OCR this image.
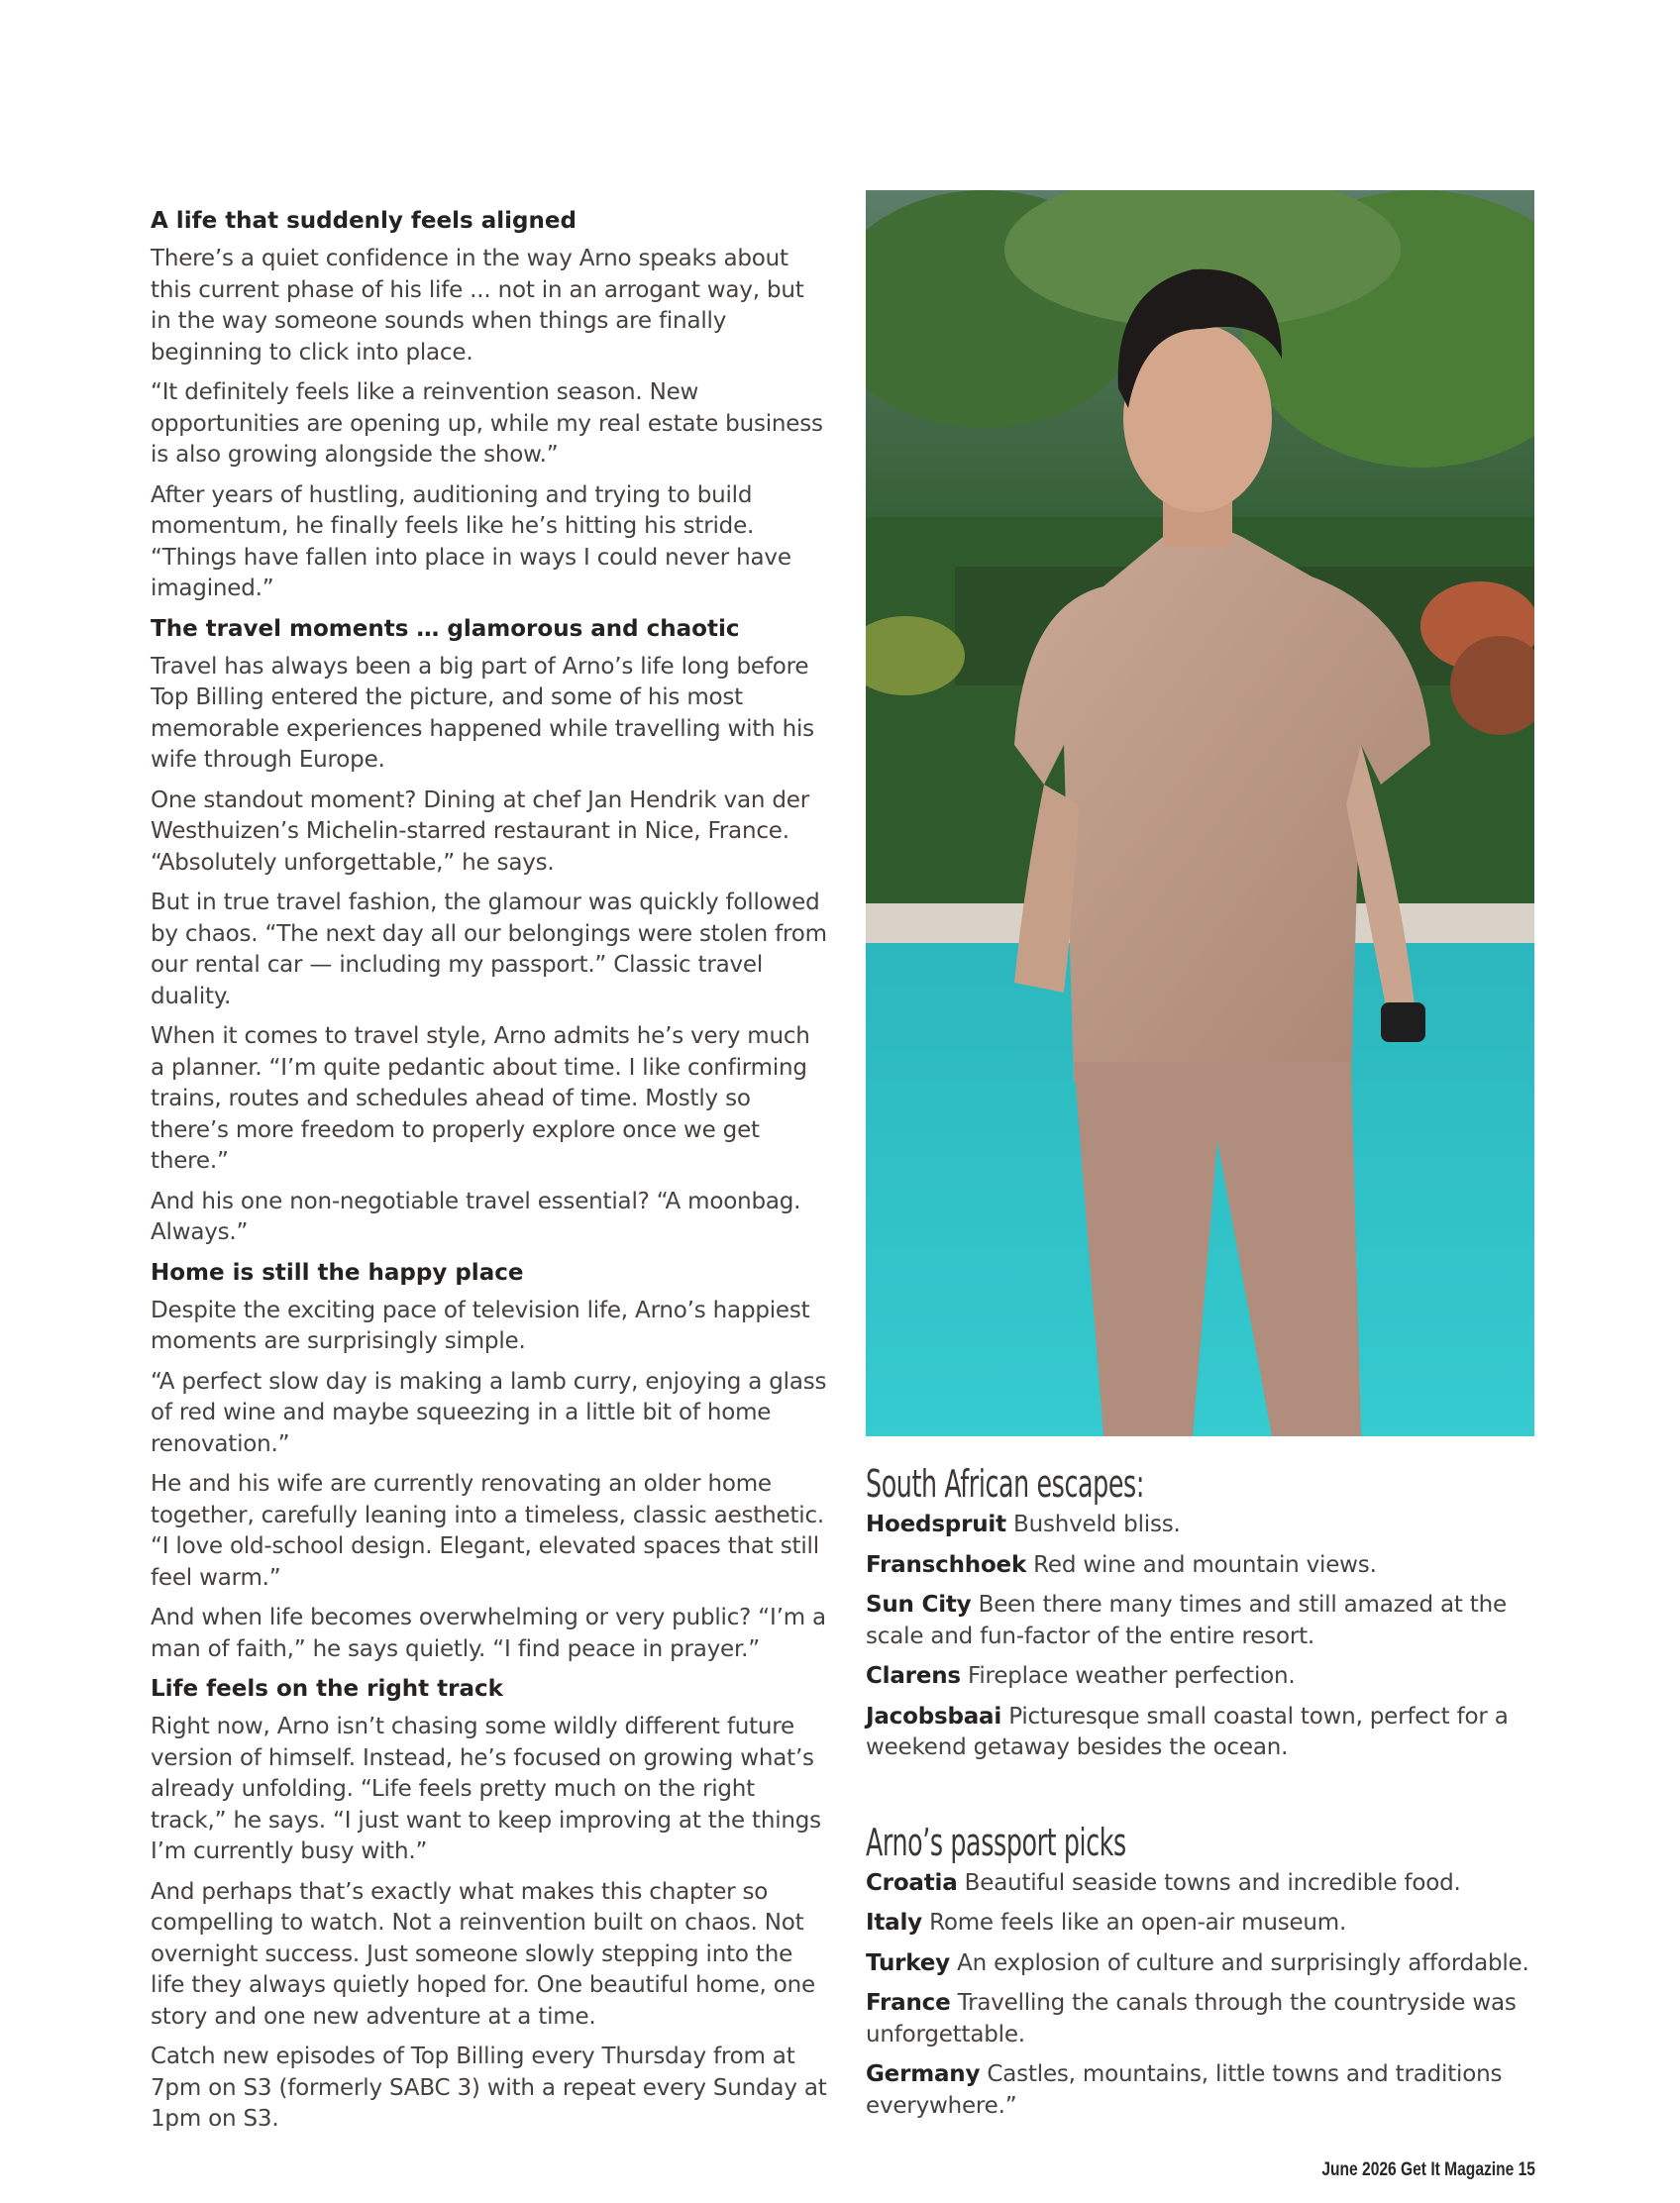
A life that suddenly feels aligned

There’s a quiet confidence in the way Arno speaks about this current phase of his life ... not in an arrogant way, but in the way someone sounds when things are finally beginning to click into place.

“It definitely feels like a reinvention season. New opportunities are opening up, while my real estate business is also growing alongside the show.”

After years of hustling, auditioning and trying to build momentum, he finally feels like he’s hitting his stride. “Things have fallen into place in ways I could never have imagined.”

The travel moments … glamorous and chaotic

Travel has always been a big part of Arno’s life long before Top Billing entered the picture, and some of his most memorable experiences happened while travelling with his wife through Europe.

One standout moment? Dining at chef Jan Hendrik van der Westhuizen’s Michelin-starred restaurant in Nice, France. “Absolutely unforgettable,” he says.

But in true travel fashion, the glamour was quickly followed by chaos. “The next day all our belongings were stolen from our rental car — including my passport.” Classic travel duality.

When it comes to travel style, Arno admits he’s very much a planner. “I’m quite pedantic about time. I like confirming trains, routes and schedules ahead of time. Mostly so there’s more freedom to properly explore once we get there.”

And his one non-negotiable travel essential? “A moonbag. Always.”

Home is still the happy place

Despite the exciting pace of television life, Arno’s happiest moments are surprisingly simple.

“A perfect slow day is making a lamb curry, enjoying a glass of red wine and maybe squeezing in a little bit of home renovation.”

He and his wife are currently renovating an older home together, carefully leaning into a timeless, classic aesthetic. “I love old-school design. Elegant, elevated spaces that still feel warm.”

And when life becomes overwhelming or very public? “I’m a man of faith,” he says quietly. “I find peace in prayer.”

Life feels on the right track

Right now, Arno isn’t chasing some wildly different future version of himself. Instead, he’s focused on growing what’s already unfolding. “Life feels pretty much on the right track,” he says. “I just want to keep improving at the things I’m currently busy with.”

And perhaps that’s exactly what makes this chapter so compelling to watch. Not a reinvention built on chaos. Not overnight success. Just someone slowly stepping into the life they always quietly hoped for. One beautiful home, one story and one new adventure at a time.

Catch new episodes of Top Billing every Thursday from at 7pm on S3 (formerly SABC 3) with a repeat every Sunday at 1pm on S3.

South African escapes:
Hoedspruit Bushveld bliss.
Franschhoek Red wine and mountain views.
Sun City Been there many times and still amazed at the scale and fun-factor of the entire resort.
Clarens Fireplace weather perfection.
Jacobsbaai Picturesque small coastal town, perfect for a weekend getaway besides the ocean.
Arno’s passport picks
Croatia Beautiful seaside towns and incredible food.
Italy Rome feels like an open-air museum.
Turkey An explosion of culture and surprisingly affordable.
France Travelling the canals through the countryside was unforgettable.
Germany Castles, mountains, little towns and traditions everywhere.”
June 2026 Get It Magazine 15
